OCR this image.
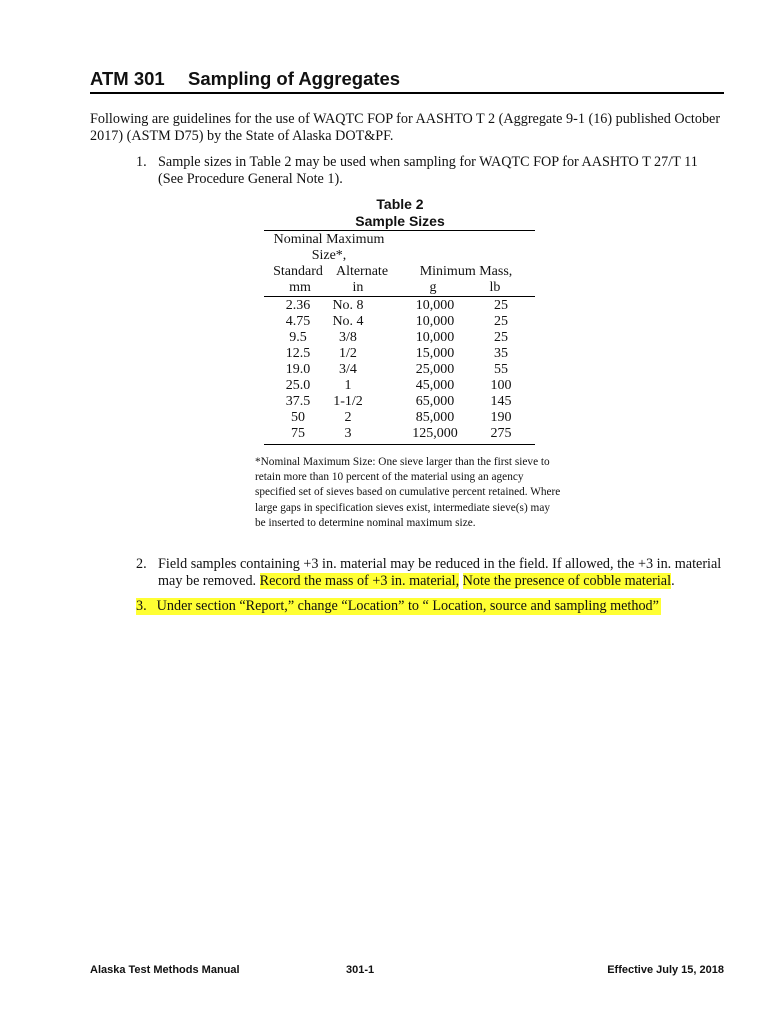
ATM 301 Sampling of Aggregates
Following are guidelines for the use of WAQTC FOP for AASHTO T 2 (Aggregate 9-1 (16) published October 2017) (ASTM D75) by the State of Alaska DOT&PF.
1. Sample sizes in Table 2 may be used when sampling for WAQTC FOP for AASHTO T 27/T 11 (See Procedure General Note 1).
Table 2
Sample Sizes
Nominal Maximum
Size*,
Standard Alternate	Minimum Mass,
mm	in	g	lb
2.36	No. 8	10,000	25
4.75	No. 4	10,000	25
9.5	3/8	10,000	25
12.5	1/2	15,000	35
19.0	3/4	25,000	55
25.0	1	45,000	100
37.5	1-1/2	65,000	145
50	2	85,000	190
75	3	125,000	275
*Nominal Maximum Size: One sieve larger than the first sieve to retain more than 10 percent of the material using an agency specified set of sieves based on cumulative percent retained. Where large gaps in specification sieves exist, intermediate sieve(s) may be inserted to determine nominal maximum size.
2. Field samples containing +3 in. material may be reduced in the field. If allowed, the +3 in. material may be removed. Record the mass of +3 in. material, Note the presence of cobble material.
3. Under section “Report,” change “Location” to “ Location, source and sampling method”
Alaska Test Methods Manual	301-1	Effective July 15, 2018
